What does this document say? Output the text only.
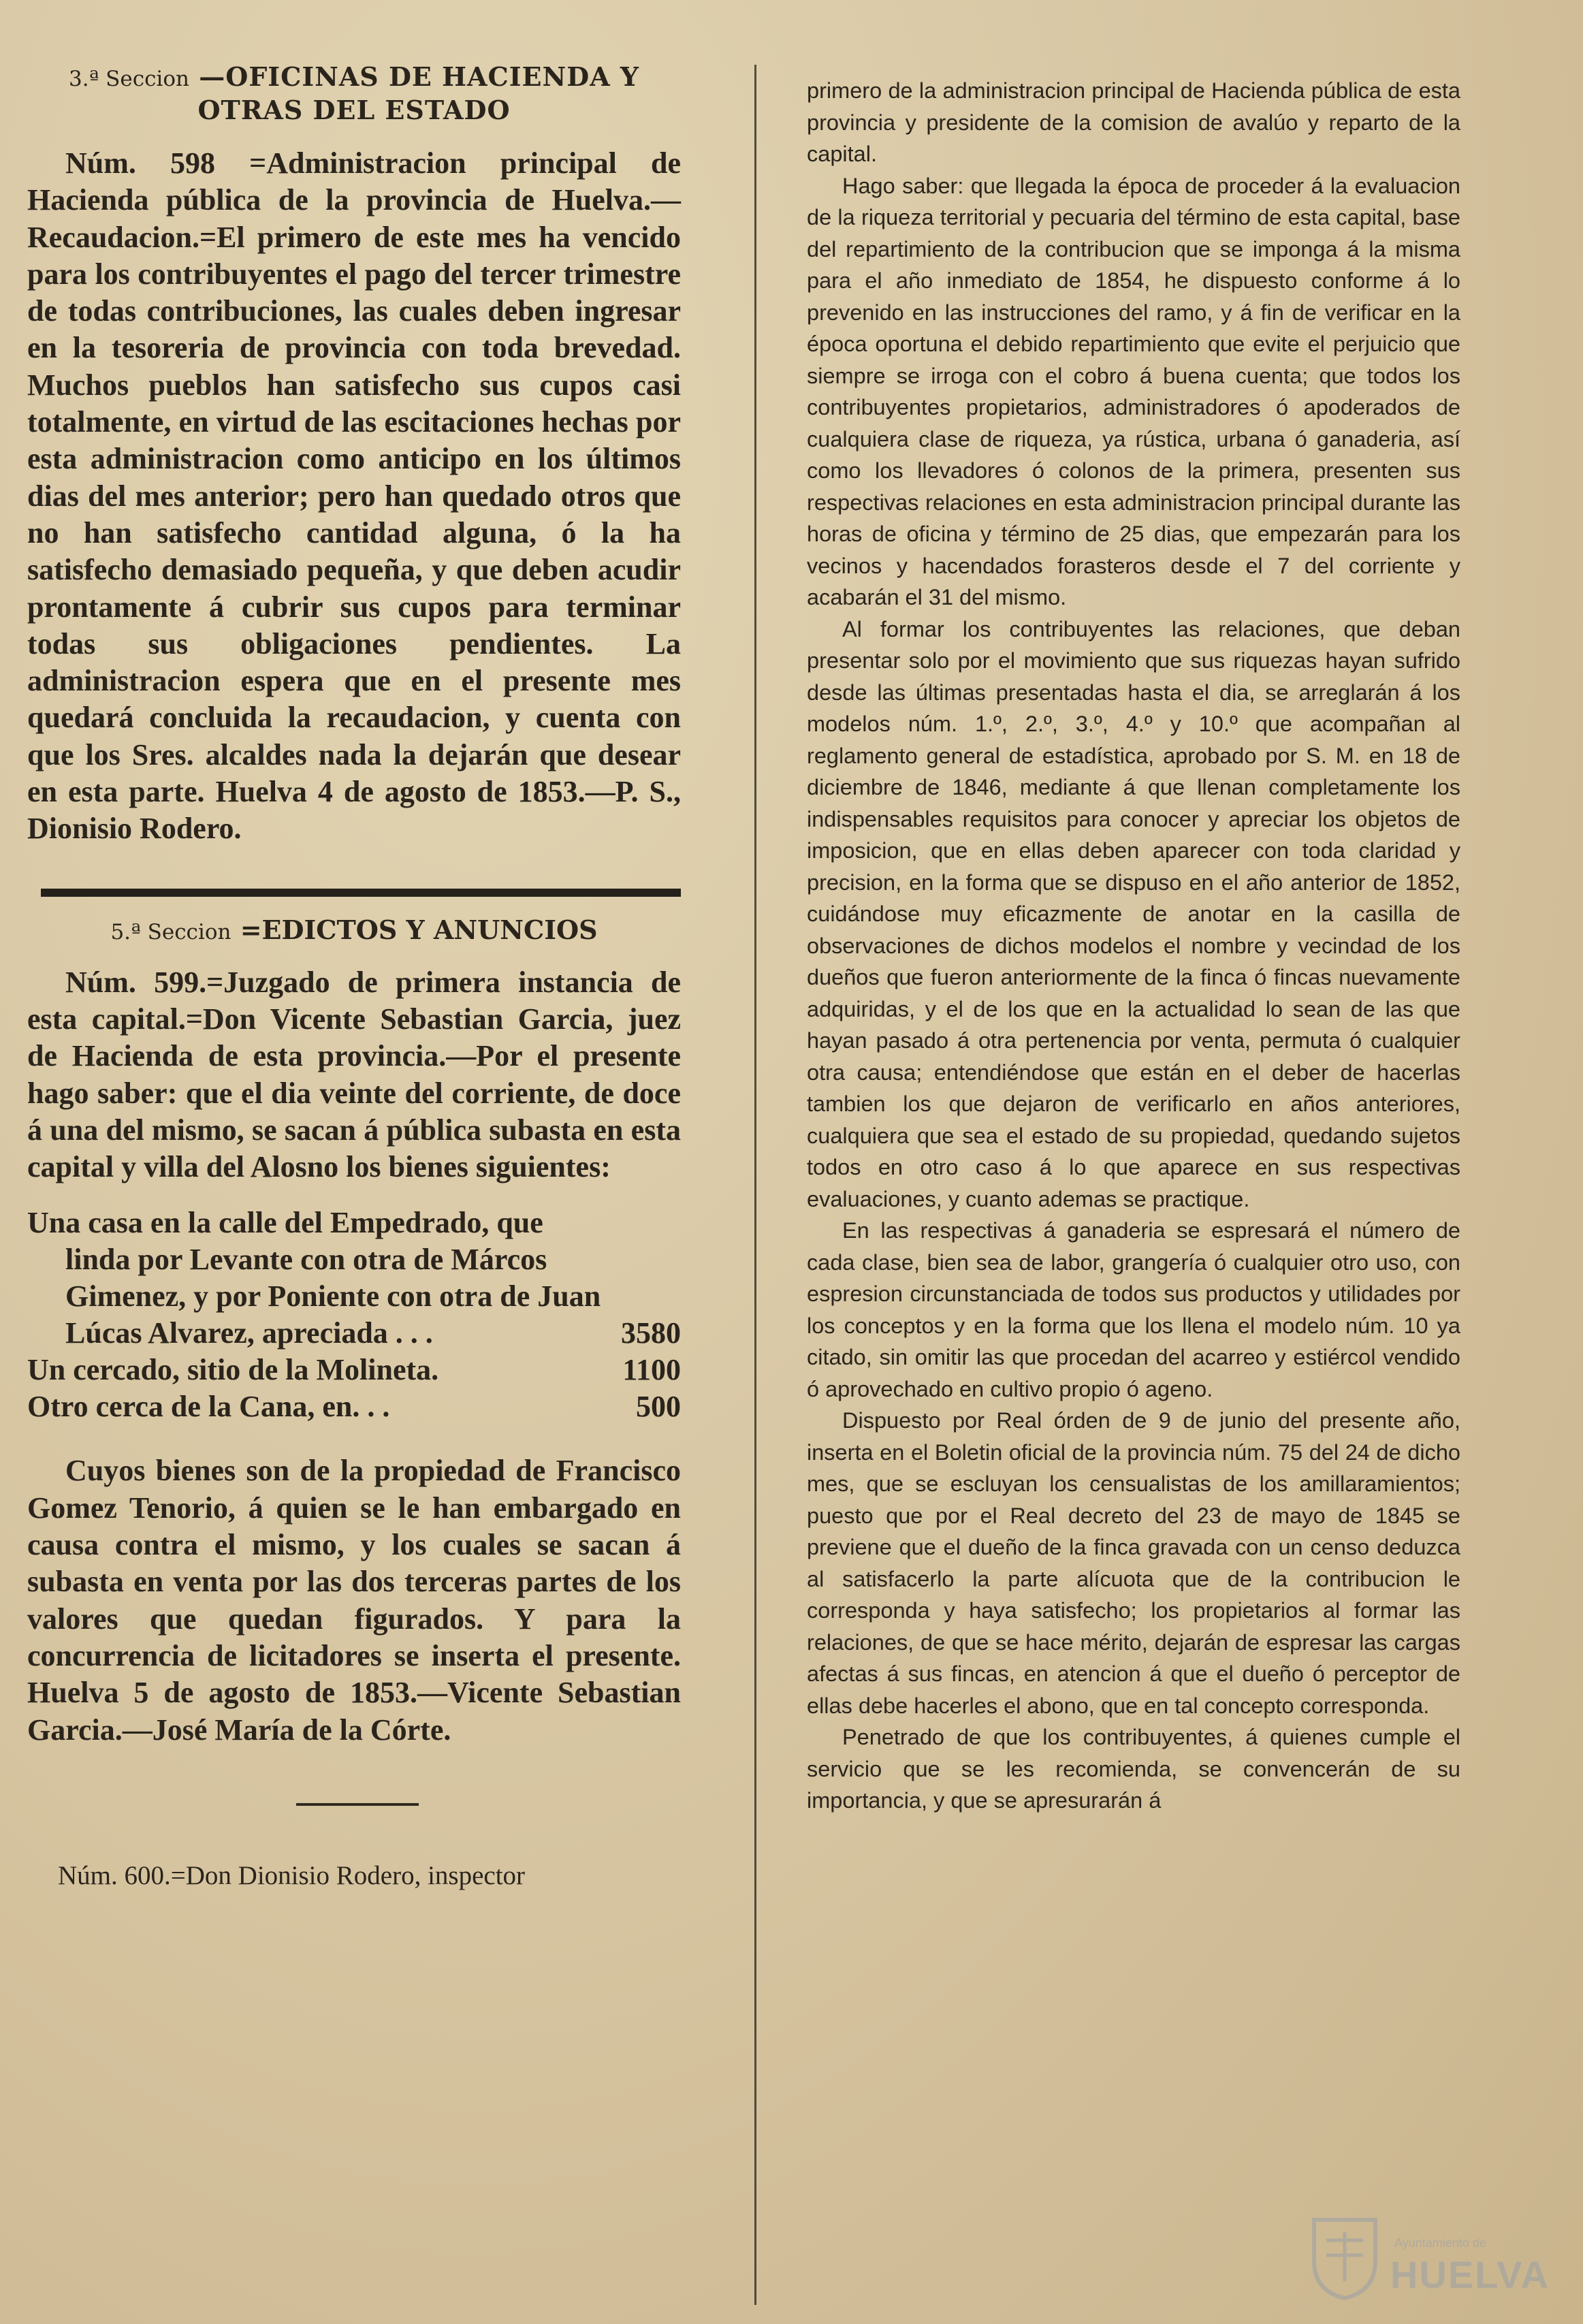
3.ª Seccion —OFICINAS DE HACIENDA Y OTRAS DEL ESTADO

Núm. 598 =Administracion principal de Hacienda pública de la provincia de Huelva.—Recaudacion.=El primero de este mes ha vencido para los contribuyentes el pago del tercer trimestre de todas contribuciones, las cuales deben ingresar en la tesoreria de provincia con toda brevedad. Muchos pueblos han satisfecho sus cupos casi totalmente, en virtud de las escitaciones hechas por esta administracion como anticipo en los últimos dias del mes anterior; pero han quedado otros que no han satisfecho cantidad alguna, ó la ha satisfecho demasiado pequeña, y que deben acudir prontamente á cubrir sus cupos para terminar todas sus obligaciones pendientes. La administracion espera que en el presente mes quedará concluida la recaudacion, y cuenta con que los Sres. alcaldes nada la dejarán que desear en esta parte. Huelva 4 de agosto de 1853.—P. S., Dionisio Rodero.

5.ª Seccion =EDICTOS Y ANUNCIOS

Núm. 599.=Juzgado de primera instancia de esta capital.=Don Vicente Sebastian Garcia, juez de Hacienda de esta provincia.—Por el presente hago saber: que el dia veinte del corriente, de doce á una del mismo, se sacan á pública subasta en esta capital y villa del Alosno los bienes siguientes:

Una casa en la calle del Empedrado, que linda por Levante con otra de Márcos Gimenez, y por Poniente con otra de Juan Lúcas Alvarez, apreciada . . .	3580
Un cercado, sitio de la Molineta.	1100
Otro cerca de la Cana, en. . .	500

Cuyos bienes son de la propiedad de Francisco Gomez Tenorio, á quien se le han embargado en causa contra el mismo, y los cuales se sacan á subasta en venta por las dos terceras partes de los valores que quedan figurados. Y para la concurrencia de licitadores se inserta el presente. Huelva 5 de agosto de 1853.—Vicente Sebastian Garcia.—José María de la Córte.

Núm. 600.=Don Dionisio Rodero, inspector

primero de la administracion principal de Hacienda pública de esta provincia y presidente de la comision de avalúo y reparto de la capital.

Hago saber: que llegada la época de proceder á la evaluacion de la riqueza territorial y pecuaria del término de esta capital, base del repartimiento de la contribucion que se imponga á la misma para el año inmediato de 1854, he dispuesto conforme á lo prevenido en las instrucciones del ramo, y á fin de verificar en la época oportuna el debido repartimiento que evite el perjuicio que siempre se irroga con el cobro á buena cuenta; que todos los contribuyentes propietarios, administradores ó apoderados de cualquiera clase de riqueza, ya rústica, urbana ó ganaderia, así como los llevadores ó colonos de la primera, presenten sus respectivas relaciones en esta administracion principal durante las horas de oficina y término de 25 dias, que empezarán para los vecinos y hacendados forasteros desde el 7 del corriente y acabarán el 31 del mismo.

Al formar los contribuyentes las relaciones, que deban presentar solo por el movimiento que sus riquezas hayan sufrido desde las últimas presentadas hasta el dia, se arreglarán á los modelos núm. 1.º, 2.º, 3.º, 4.º y 10.º que acompañan al reglamento general de estadística, aprobado por S. M. en 18 de diciembre de 1846, mediante á que llenan completamente los indispensables requisitos para conocer y apreciar los objetos de imposicion, que en ellas deben aparecer con toda claridad y precision, en la forma que se dispuso en el año anterior de 1852, cuidándose muy eficazmente de anotar en la casilla de observaciones de dichos modelos el nombre y vecindad de los dueños que fueron anteriormente de la finca ó fincas nuevamente adquiridas, y el de los que en la actualidad lo sean de las que hayan pasado á otra pertenencia por venta, permuta ó cualquier otra causa; entendiéndose que están en el deber de hacerlas tambien los que dejaron de verificarlo en años anteriores, cualquiera que sea el estado de su propiedad, quedando sujetos todos en otro caso á lo que aparece en sus respectivas evaluaciones, y cuanto ademas se practique.

En las respectivas á ganaderia se espresará el número de cada clase, bien sea de labor, grangería ó cualquier otro uso, con espresion circunstanciada de todos sus productos y utilidades por los conceptos y en la forma que los llena el modelo núm. 10 ya citado, sin omitir las que procedan del acarreo y estiércol vendido ó aprovechado en cultivo propio ó ageno.

Dispuesto por Real órden de 9 de junio del presente año, inserta en el Boletin oficial de la provincia núm. 75 del 24 de dicho mes, que se escluyan los censualistas de los amillaramientos; puesto que por el Real decreto del 23 de mayo de 1845 se previene que el dueño de la finca gravada con un censo deduzca al satisfacerlo la parte alícuota que de la contribucion le corresponda y haya satisfecho; los propietarios al formar las relaciones, de que se hace mérito, dejarán de espresar las cargas afectas á sus fincas, en atencion á que el dueño ó perceptor de ellas debe hacerles el abono, que en tal concepto corresponda.

Penetrado de que los contribuyentes, á quienes cumple el servicio que se les recomienda, se convencerán de su importancia, y que se apresurarán á

Ayuntamiento de
HUELVA
